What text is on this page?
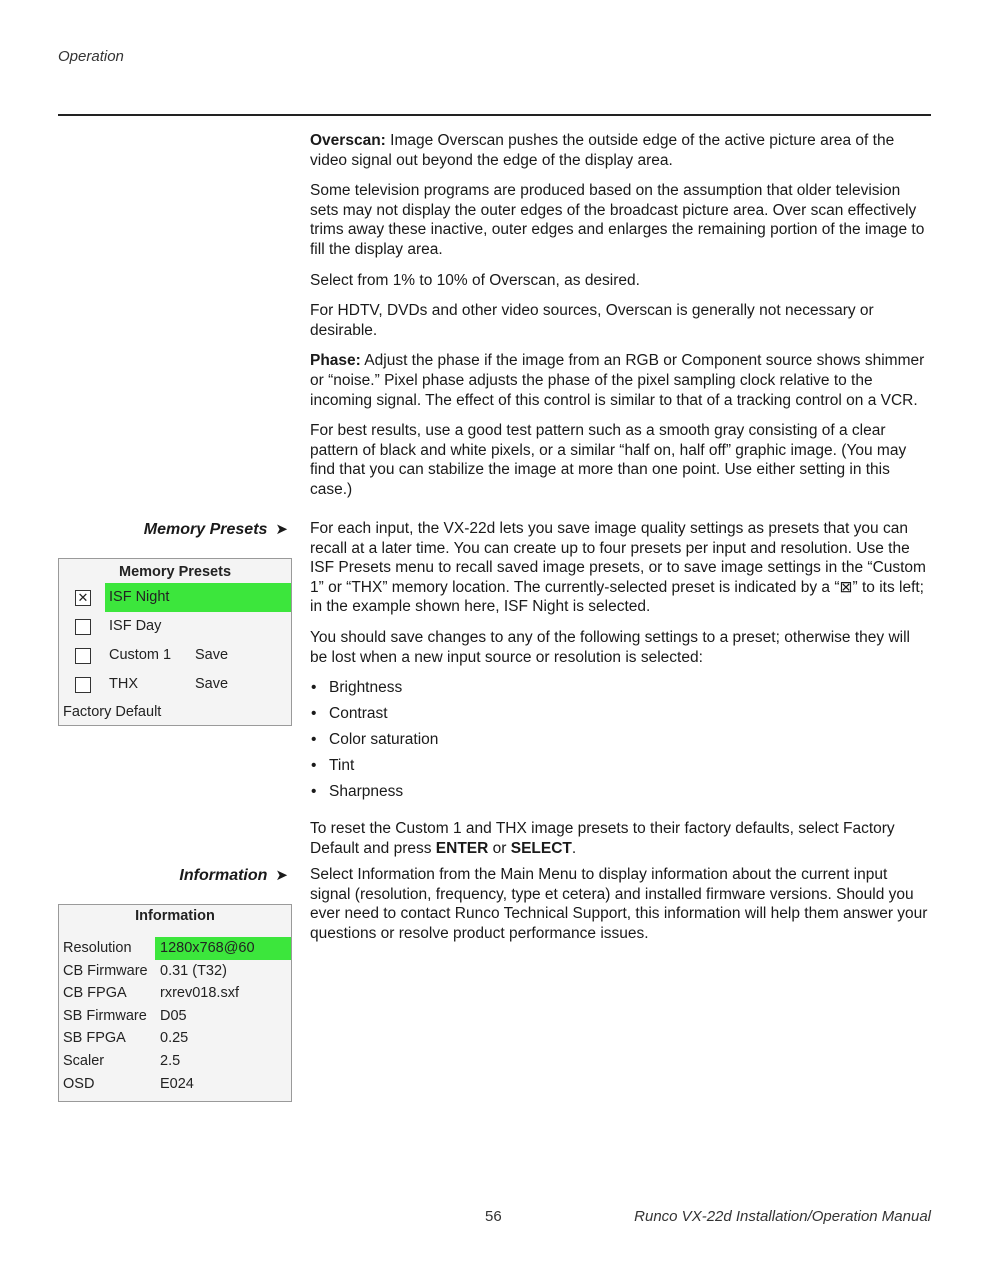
Operation

Overscan: Image Overscan pushes the outside edge of the active picture area of the video signal out beyond the edge of the display area.

Some television programs are produced based on the assumption that older television sets may not display the outer edges of the broadcast picture area. Over scan effectively trims away these inactive, outer edges and enlarges the remaining portion of the image to fill the display area.

Select from 1% to 10% of Overscan, as desired.

For HDTV, DVDs and other video sources, Overscan is generally not necessary or desirable.

Phase: Adjust the phase if the image from an RGB or Component source shows shimmer or “noise.” Pixel phase adjusts the phase of the pixel sampling clock relative to the incoming signal. The effect of this control is similar to that of a tracking control on a VCR.

For best results, use a good test pattern such as a smooth gray consisting of a clear pattern of black and white pixels, or a similar “half on, half off” graphic image. (You may find that you can stabilize the image at more than one point. Use either setting in this case.)

Memory Presets ➤
Memory Presets
✕ ISF Night
ISF Day
Custom 1 Save
THX	Save
Factory Default

For each input, the VX-22d lets you save image quality settings as presets that you can recall at a later time. You can create up to four presets per input and resolution. Use the ISF Presets menu to recall saved image presets, or to save image settings in the “Custom 1” or “THX” memory location. The currently-selected preset is indicated by a “⊠” to its left; in the example shown here, ISF Night is selected.

You should save changes to any of the following settings to a preset; otherwise they will be lost when a new input source or resolution is selected:

• Brightness
• Contrast
• Color saturation
• Tint
• Sharpness

To reset the Custom 1 and THX image presets to their factory defaults, select Factory Default and press ENTER or SELECT.

Information ➤ Select Information from the Main Menu to display information about the current input signal (resolution, frequency, type et cetera) and installed firmware versions. Should you ever need to contact Runco Technical Support, this information will help them answer your questions or resolve product performance issues.

Information
Resolution	1280x768@60
CB Firmware 0.31 (T32)
CB FPGA	rxrev018.sxf
SB Firmware D05
SB FPGA	0.25
Scaler	2.5
OSD	E024
56	Runco VX-22d Installation/Operation Manual
